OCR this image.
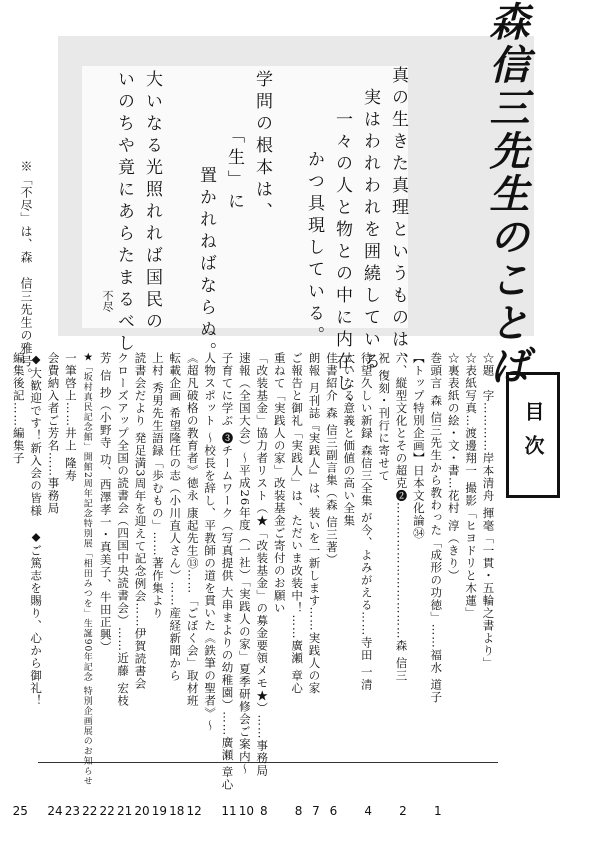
森信三先生のことば
真の生きた真理というものは、
実はわれわれを囲繞している
一々の人と物との中に内在し、
かつ具現している。
学問の根本は、
「生」に
置かれねばならぬ。
大いなる光照れれば国民の
いのちや竟にあらたまるべし
不尽
※「不尽」は、森　信三先生の雅号。
目次
☆題　字…………岸本清舟 揮毫「一貫・五輪之書より」
☆表紙写真…渡邊翔一 撮影「ヒヨドリと木蓮」
☆裏表紙の絵・文・書…花村 淳（きり）
巻頭言 森 信三先生から教わった「成形の功徳」……福水 道子
1
【トップ特別企画】日本文化論㉞
六、縦型文化とその超克❷……………………………森 信三
2
祝 復刻・刊行に寄せて
待望久しい新録 森信三全集 が今、よみがえる……寺田 一清
4
大いなる意義と価値の高い全集
佳書紹介 森 信三副言集（森 信三著）
6
朗報 月刊誌『実践人』は、装いを一新します……実践人の家
7
ご報告と御礼「実践人」は、ただいま改装中！……廣瀬 章心
8
重ねて「実践人の家」改装基金ご寄付のお願い
「改装基金」協力者リスト（★「改装基金」の募金要領メモ★）……事務局
8
速報（全国大会）〜平成26年度（一社）「実践人の家」夏季研修会ご案内〜
10
子育てに学ぶ ❸チームワーク（写真提供 大串まよりの幼稚園）……廣瀬 章心
11
人物スポット 〜校長を辞し、平教師の道を貫いた《鉄筆の聖者》〜
《超凡破格の教育者》徳永 康起先生⑬……「ごぼく会」取材班
12
転載企画 希望隆任の志（小川直人さん）……産経新聞から
18
上村 秀男先生語録「歩むもの」……著作集より
19
読書会だより 発足満3周年を迎えて記念例会……伊賀読書会
20
クローズアップ全国の読書会（四国中央読書会）……近藤 宏枝
21
芳 信 抄（小野寺 功、西澤孝一・真美子、牛田正興）
22
★「坂村真民記念館」開館2周年記念特別展「相田みつを」生誕90年記念 特別企画展のお知らせ
22
一筆啓上……井上 隆寿
23
会費納入者ご芳名……事務局
24
◆大歓迎です！新入会の皆様　◆ご篤志を賜り、心から御礼！
編集後記……編集子
25
